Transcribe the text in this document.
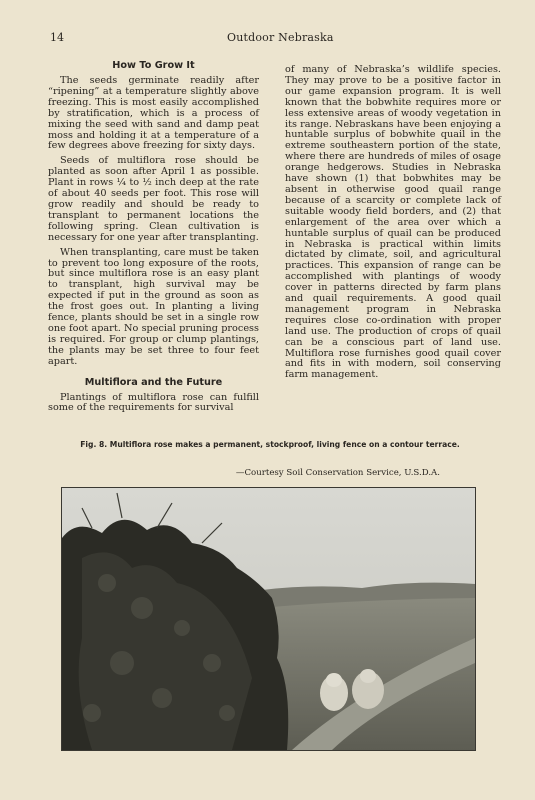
14	Outdoor Nebraska
How To Grow It

The seeds germinate readily after “ripening” at a temperature slightly above freezing. This is most easily accomplished by stratification, which is a process of mixing the seed with sand and damp peat moss and holding it at a temperature of a few degrees above freezing for sixty days.

Seeds of multiflora rose should be planted as soon after April 1 as possible. Plant in rows ¼ to ½ inch deep at the rate of about 40 seeds per foot. This rose will grow readily and should be ready to transplant to permanent locations the following spring. Clean cultivation is necessary for one year after transplanting.

When transplanting, care must be taken to prevent too long exposure of the roots, but since multiflora rose is an easy plant to transplant, high survival may be expected if put in the ground as soon as the frost goes out. In planting a living fence, plants should be set in a single row one foot apart. No special pruning process is required. For group or clump plantings, the plants may be set three to four feet apart.

Multiflora and the Future

Plantings of multiflora rose can fulfill some of the requirements for survival

of many of Nebraska’s wildlife species. They may prove to be a positive factor in our game expansion program. It is well known that the bobwhite requires more or less extensive areas of woody vegetation in its range. Nebraskans have been enjoying a huntable surplus of bobwhite quail in the extreme southeastern portion of the state, where there are hundreds of miles of osage orange hedgerows. Studies in Nebraska have shown (1) that bobwhites may be absent in otherwise good quail range because of a scarcity or complete lack of suitable woody field borders, and (2) that enlargement of the area over which a huntable surplus of quail can be produced in Nebraska is practical within limits dictated by climate, soil, and agricultural practices. This expansion of range can be accomplished with plantings of woody cover in patterns directed by farm plans and quail requirements. A good quail management program in Nebraska requires close co-ordination with proper land use. The production of crops of quail can be a conscious part of land use. Multiflora rose furnishes good quail cover and fits in with modern, soil conserving farm management.

Fig. 8. Multiflora rose makes a permanent, stockproof, living fence on a contour terrace.
—Courtesy Soil Conservation Service, U.S.D.A.
